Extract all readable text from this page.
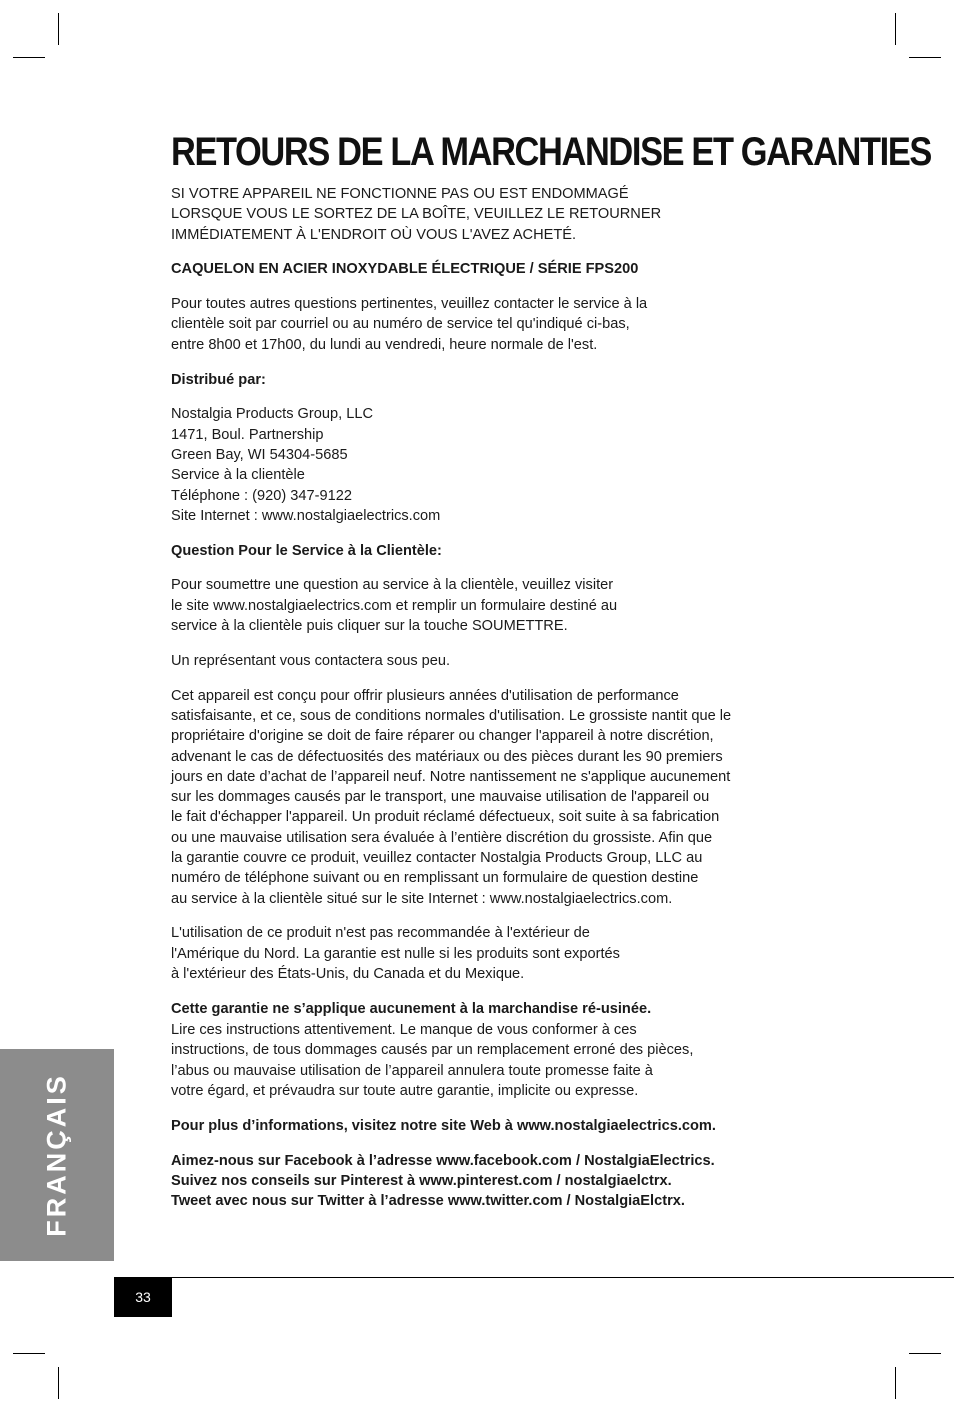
RETOURS DE LA MARCHANDISE ET GARANTIES

SI VOTRE APPAREIL NE FONCTIONNE PAS OU EST ENDOMMAGÉ
LORSQUE VOUS LE SORTEZ DE LA BOÎTE, VEUILLEZ LE RETOURNER
IMMÉDIATEMENT À L'ENDROIT OÙ VOUS L'AVEZ ACHETÉ.

CAQUELON EN ACIER INOXYDABLE ÉLECTRIQUE / SÉRIE FPS200

Pour toutes autres questions pertinentes, veuillez contacter le service à la
clientèle soit par courriel ou au numéro de service tel qu'indiqué ci-bas,
entre 8h00 et 17h00, du lundi au vendredi, heure normale de l'est.

Distribué par:

Nostalgia Products Group, LLC
1471, Boul. Partnership
Green Bay, WI 54304-5685
Service à la clientèle
Téléphone : (920) 347-9122
Site Internet : www.nostalgiaelectrics.com

Question Pour le Service à la Clientèle:

Pour soumettre une question au service à la clientèle, veuillez visiter
le site www.nostalgiaelectrics.com et remplir un formulaire destiné au
service à la clientèle puis cliquer sur la touche SOUMETTRE.

Un représentant vous contactera sous peu.

Cet appareil est conçu pour offrir plusieurs années d'utilisation de performance
satisfaisante, et ce, sous de conditions normales d'utilisation. Le grossiste nantit que le
propriétaire d'origine se doit de faire réparer ou changer l'appareil à notre discrétion,
advenant le cas de défectuosités des matériaux ou des pièces durant les 90 premiers
jours en date d’achat de l’appareil neuf. Notre nantissement ne s'applique aucunement
sur les dommages causés par le transport, une mauvaise utilisation de l'appareil ou
le fait d'échapper l'appareil. Un produit réclamé défectueux, soit suite à sa fabrication
ou une mauvaise utilisation sera évaluée à l’entière discrétion du grossiste. Afin que
la garantie couvre ce produit, veuillez contacter Nostalgia Products Group, LLC au
numéro de téléphone suivant ou en remplissant un formulaire de question destine
au service à la clientèle situé sur le site Internet : www.nostalgiaelectrics.com.

L'utilisation de ce produit n'est pas recommandée à l'extérieur de
l'Amérique du Nord. La garantie est nulle si les produits sont exportés
à l'extérieur des États-Unis, du Canada et du Mexique.

Cette garantie ne s’applique aucunement à la marchandise ré-usinée.

Lire ces instructions attentivement. Le manque de vous conformer à ces
instructions, de tous dommages causés par un remplacement erroné des pièces,
l’abus ou mauvaise utilisation de l’appareil annulera toute promesse faite à
votre égard, et prévaudra sur toute autre garantie, implicite ou expresse.

Pour plus d’informations, visitez notre site Web à www.nostalgiaelectrics.com.

Aimez-nous sur Facebook à l’adresse www.facebook.com / NostalgiaElectrics.
Suivez nos conseils sur Pinterest à www.pinterest.com / nostalgiaelctrx.
Tweet avec nous sur Twitter à l’adresse www.twitter.com / NostalgiaElctrx.

FRANÇAIS
33
